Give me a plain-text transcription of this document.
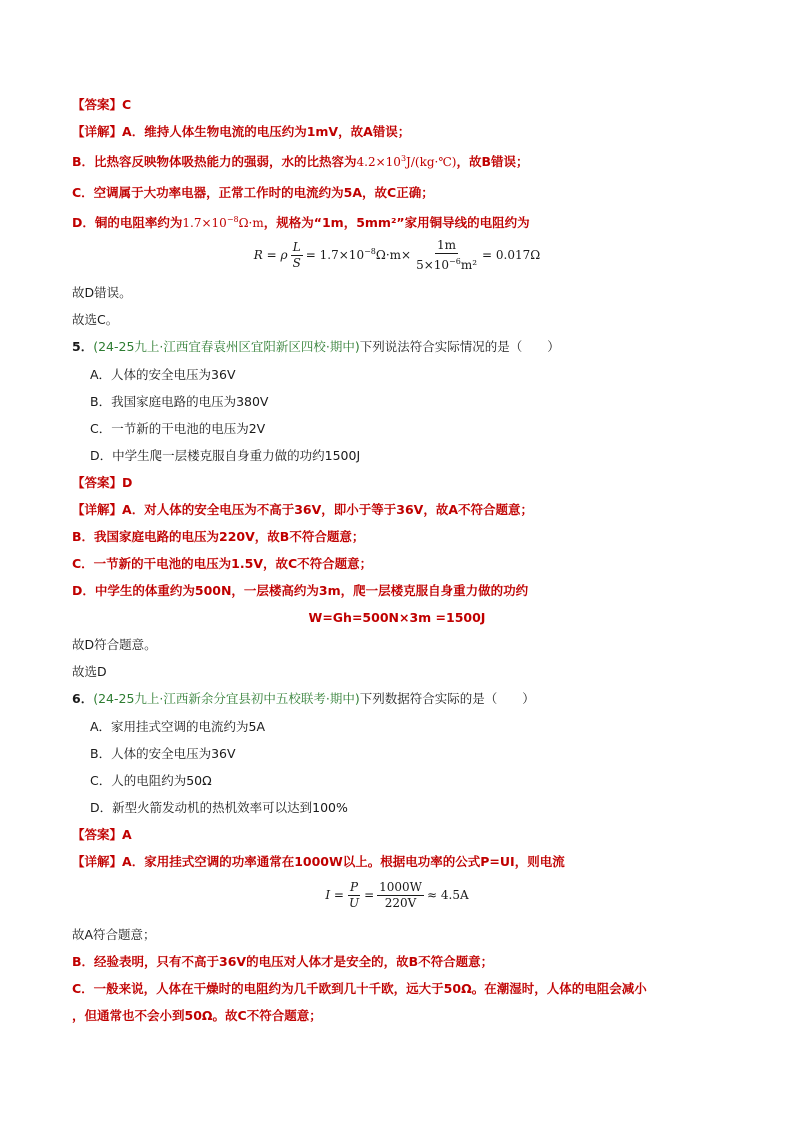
【答案】C
【详解】A．维持人体生物电流的电压约为1mV，故A错误；
B．比热容反映物体吸热能力的强弱，水的比热容为$4.2\times 10^3J/(kg\cdot℃)$，故B错误；
C．空调属于大功率电器，正常工作时的电流约为5A，故C正确；
D．铜的电阻率约为$1.7\times 10^{-8}\Omega\cdot m$，规格为“1m，5mm²”家用铜导线的电阻约为
R = ρ $\frac{L}{S} = 1.7\times 10^{-8}\Omega\cdot m\times \frac{1m}{5\times 10^{-6}m^2} = 0.017\Omega$
故D错误。
故选C。
5．(24-25九上·江西宜春袁州区宜阳新区四校·期中)下列说法符合实际情况的是（　　）
A．人体的安全电压为36V
B．我国家庭电路的电压为380V
C．一节新的干电池的电压为2V
D．中学生爬一层楼克服自身重力做的功约1500J
【答案】D
【详解】A．对人体的安全电压为不高于36V，即小于等于36V，故A不符合题意；
B．我国家庭电路的电压为220V，故B不符合题意；
C．一节新的干电池的电压为1.5V，故C不符合题意；
D．中学生的体重约为500N，一层楼高约为3m，爬一层楼克服自身重力做的功约
W=Gh=500N×3m =1500J
故D符合题意。
故选D
6．(24-25九上·江西新余分宜县初中五校联考·期中)下列数据符合实际的是（　　）
A．家用挂式空调的电流约为5A
B．人体的安全电压为36V
C．人的电阻约为50Ω
D．新型火箭发动机的热机效率可以达到100%
【答案】A
【详解】A．家用挂式空调的功率通常在1000W以上。根据电功率的公式P=UI，则电流
$I = \frac{P}{U} = \frac{1000W}{220V} \approx 4.5A$
故A符合题意；
B．经验表明，只有不高于36V的电压对人体才是安全的，故B不符合题意；
C．一般来说，人体在干燥时的电阻约为几千欧到几十千欧，远大于50Ω。在潮湿时，人体的电阻会减小
，但通常也不会小到50Ω。故C不符合题意；
